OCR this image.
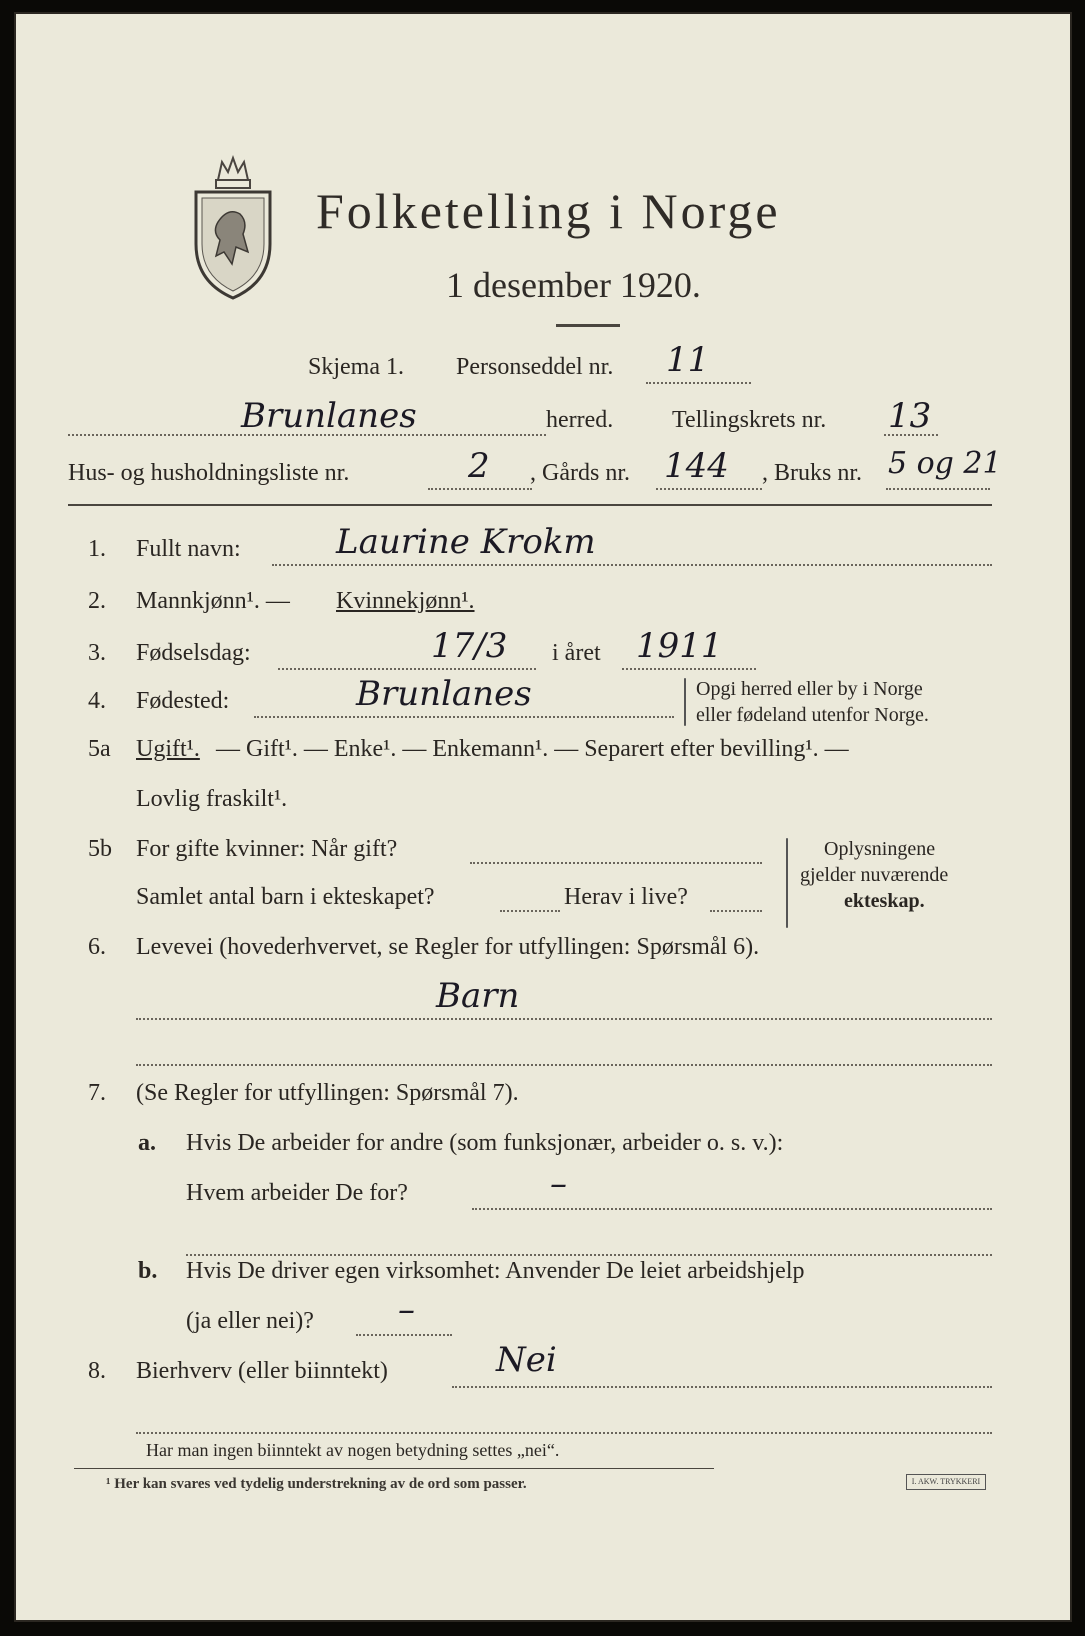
Folketelling i Norge
1 desember 1920.
Skjema 1. Personseddel nr. 11
Brunlanes	herred. Tellingskrets nr. 13
Hus- og husholdningsliste nr.	2 , Gårds nr. 144 , Bruks nr. 5 og 21
1. Fullt navn:	Laurine Krokm
2. Mannkjønn¹. — Kvinnekjønn¹.
3. Fødselsdag:	17/3 i året 1911
4. Fødested:	Brunlanes	Opgi herred eller by i Norge
eller fødeland utenfor Norge.
5a Ugift¹. — Gift¹. — Enke¹. — Enkemann¹. — Separert efter bevilling¹. —
Lovlig fraskilt¹.
5b For gifte kvinner: Når gift?
Samlet antal barn i ekteskapet?	Herav i live?
Oplysningene
gjelder nuværende
ekteskap.
6. Levevei (hovederhvervet, se Regler for utfyllingen: Spørsmål 6).
Barn
7. (Se Regler for utfyllingen: Spørsmål 7).
a. Hvis De arbeider for andre (som funksjonær, arbeider o. s. v.):
Hvem arbeider De for?	–
b. Hvis De driver egen virksomhet: Anvender De leiet arbeidshjelp
(ja eller nei)? –
8. Bierhverv (eller biinntekt)	Nei
Har man ingen biinntekt av nogen betydning settes „nei“.
¹ Her kan svares ved tydelig understrekning av de ord som passer.	I. AKW. TRYKKERI
